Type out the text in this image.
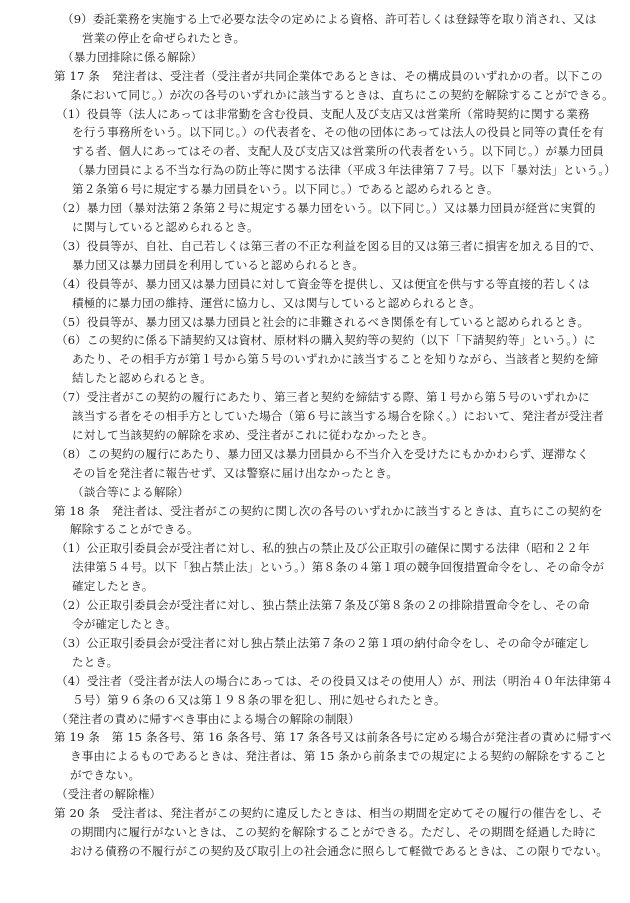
（9）委託業務を実施する上で必要な法令の定めによる資格、許可若しくは登録等を取り消され、又は

営業の停止を命ぜられたとき。

（暴力団排除に係る解除）

第 17 条　発注者は、受注者（受注者が共同企業体であるときは、その構成員のいずれかの者。以下この

条において同じ。）が次の各号のいずれかに該当するときは、直ちにこの契約を解除することができる。

（1）役員等（法人にあっては非常勤を含む役員、支配人及び支店又は営業所（常時契約に関する業務

を行う事務所をいう。以下同じ。）の代表者を、その他の団体にあっては法人の役員と同等の責任を有

する者、個人にあってはその者、支配人及び支店又は営業所の代表者をいう。以下同じ。）が暴力団員

（暴力団員による不当な行為の防止等に関する法律（平成３年法律第７７号。以下「暴対法」という。）

第２条第６号に規定する暴力団員をいう。以下同じ。）であると認められるとき。

（2）暴力団（暴対法第２条第２号に規定する暴力団をいう。以下同じ。）又は暴力団員が経営に実質的

に関与していると認められるとき。

（3）役員等が、自社、自己若しくは第三者の不正な利益を図る目的又は第三者に損害を加える目的で、

暴力団又は暴力団員を利用していると認められるとき。

（4）役員等が、暴力団又は暴力団員に対して資金等を提供し、又は便宜を供与する等直接的若しくは

積極的に暴力団の維持、運営に協力し、又は関与していると認められるとき。

（5）役員等が、暴力団又は暴力団員と社会的に非難されるべき関係を有していると認められるとき。

（6）この契約に係る下請契約又は資材、原材料の購入契約等の契約（以下「下請契約等」という。）に

あたり、その相手方が第１号から第５号のいずれかに該当することを知りながら、当該者と契約を締

結したと認められるとき。

（7）受注者がこの契約の履行にあたり、第三者と契約を締結する際、第１号から第５号のいずれかに

該当する者をその相手方としていた場合（第６号に該当する場合を除く。）において、発注者が受注者

に対して当該契約の解除を求め、受注者がこれに従わなかったとき。

（8）この契約の履行にあたり、暴力団又は暴力団員から不当介入を受けたにもかかわらず、遅滞なく

その旨を発注者に報告せず、又は警察に届け出なかったとき。

（談合等による解除）

第 18 条　発注者は、受注者がこの契約に関し次の各号のいずれかに該当するときは、直ちにこの契約を

解除することができる。

（1）公正取引委員会が受注者に対し、私的独占の禁止及び公正取引の確保に関する法律（昭和２２年

法律第５４号。以下「独占禁止法」という。）第８条の４第１項の競争回復措置命令をし、その命令が

確定したとき。

（2）公正取引委員会が受注者に対し、独占禁止法第７条及び第８条の２の排除措置命令をし、その命

令が確定したとき。

（3）公正取引委員会が受注者に対し独占禁止法第７条の２第１項の納付命令をし、その命令が確定し

たとき。

（4）受注者（受注者が法人の場合にあっては、その役員又はその使用人）が、刑法（明治４０年法律第４

５号）第９６条の６又は第１９８条の罪を犯し、刑に処せられたとき。

（発注者の責めに帰すべき事由による場合の解除の制限）

第 19 条　第 15 条各号、第 16 条各号、第 17 条各号又は前条各号に定める場合が発注者の責めに帰すべ

き事由によるものであるときは、発注者は、第 15 条から前条までの規定による契約の解除をすること

ができない。

（受注者の解除権）

第 20 条　受注者は、発注者がこの契約に違反したときは、相当の期間を定めてその履行の催告をし、そ

の期間内に履行がないときは、この契約を解除することができる。ただし、その期間を経過した時に

おける債務の不履行がこの契約及び取引上の社会通念に照らして軽微であるときは、この限りでない。
